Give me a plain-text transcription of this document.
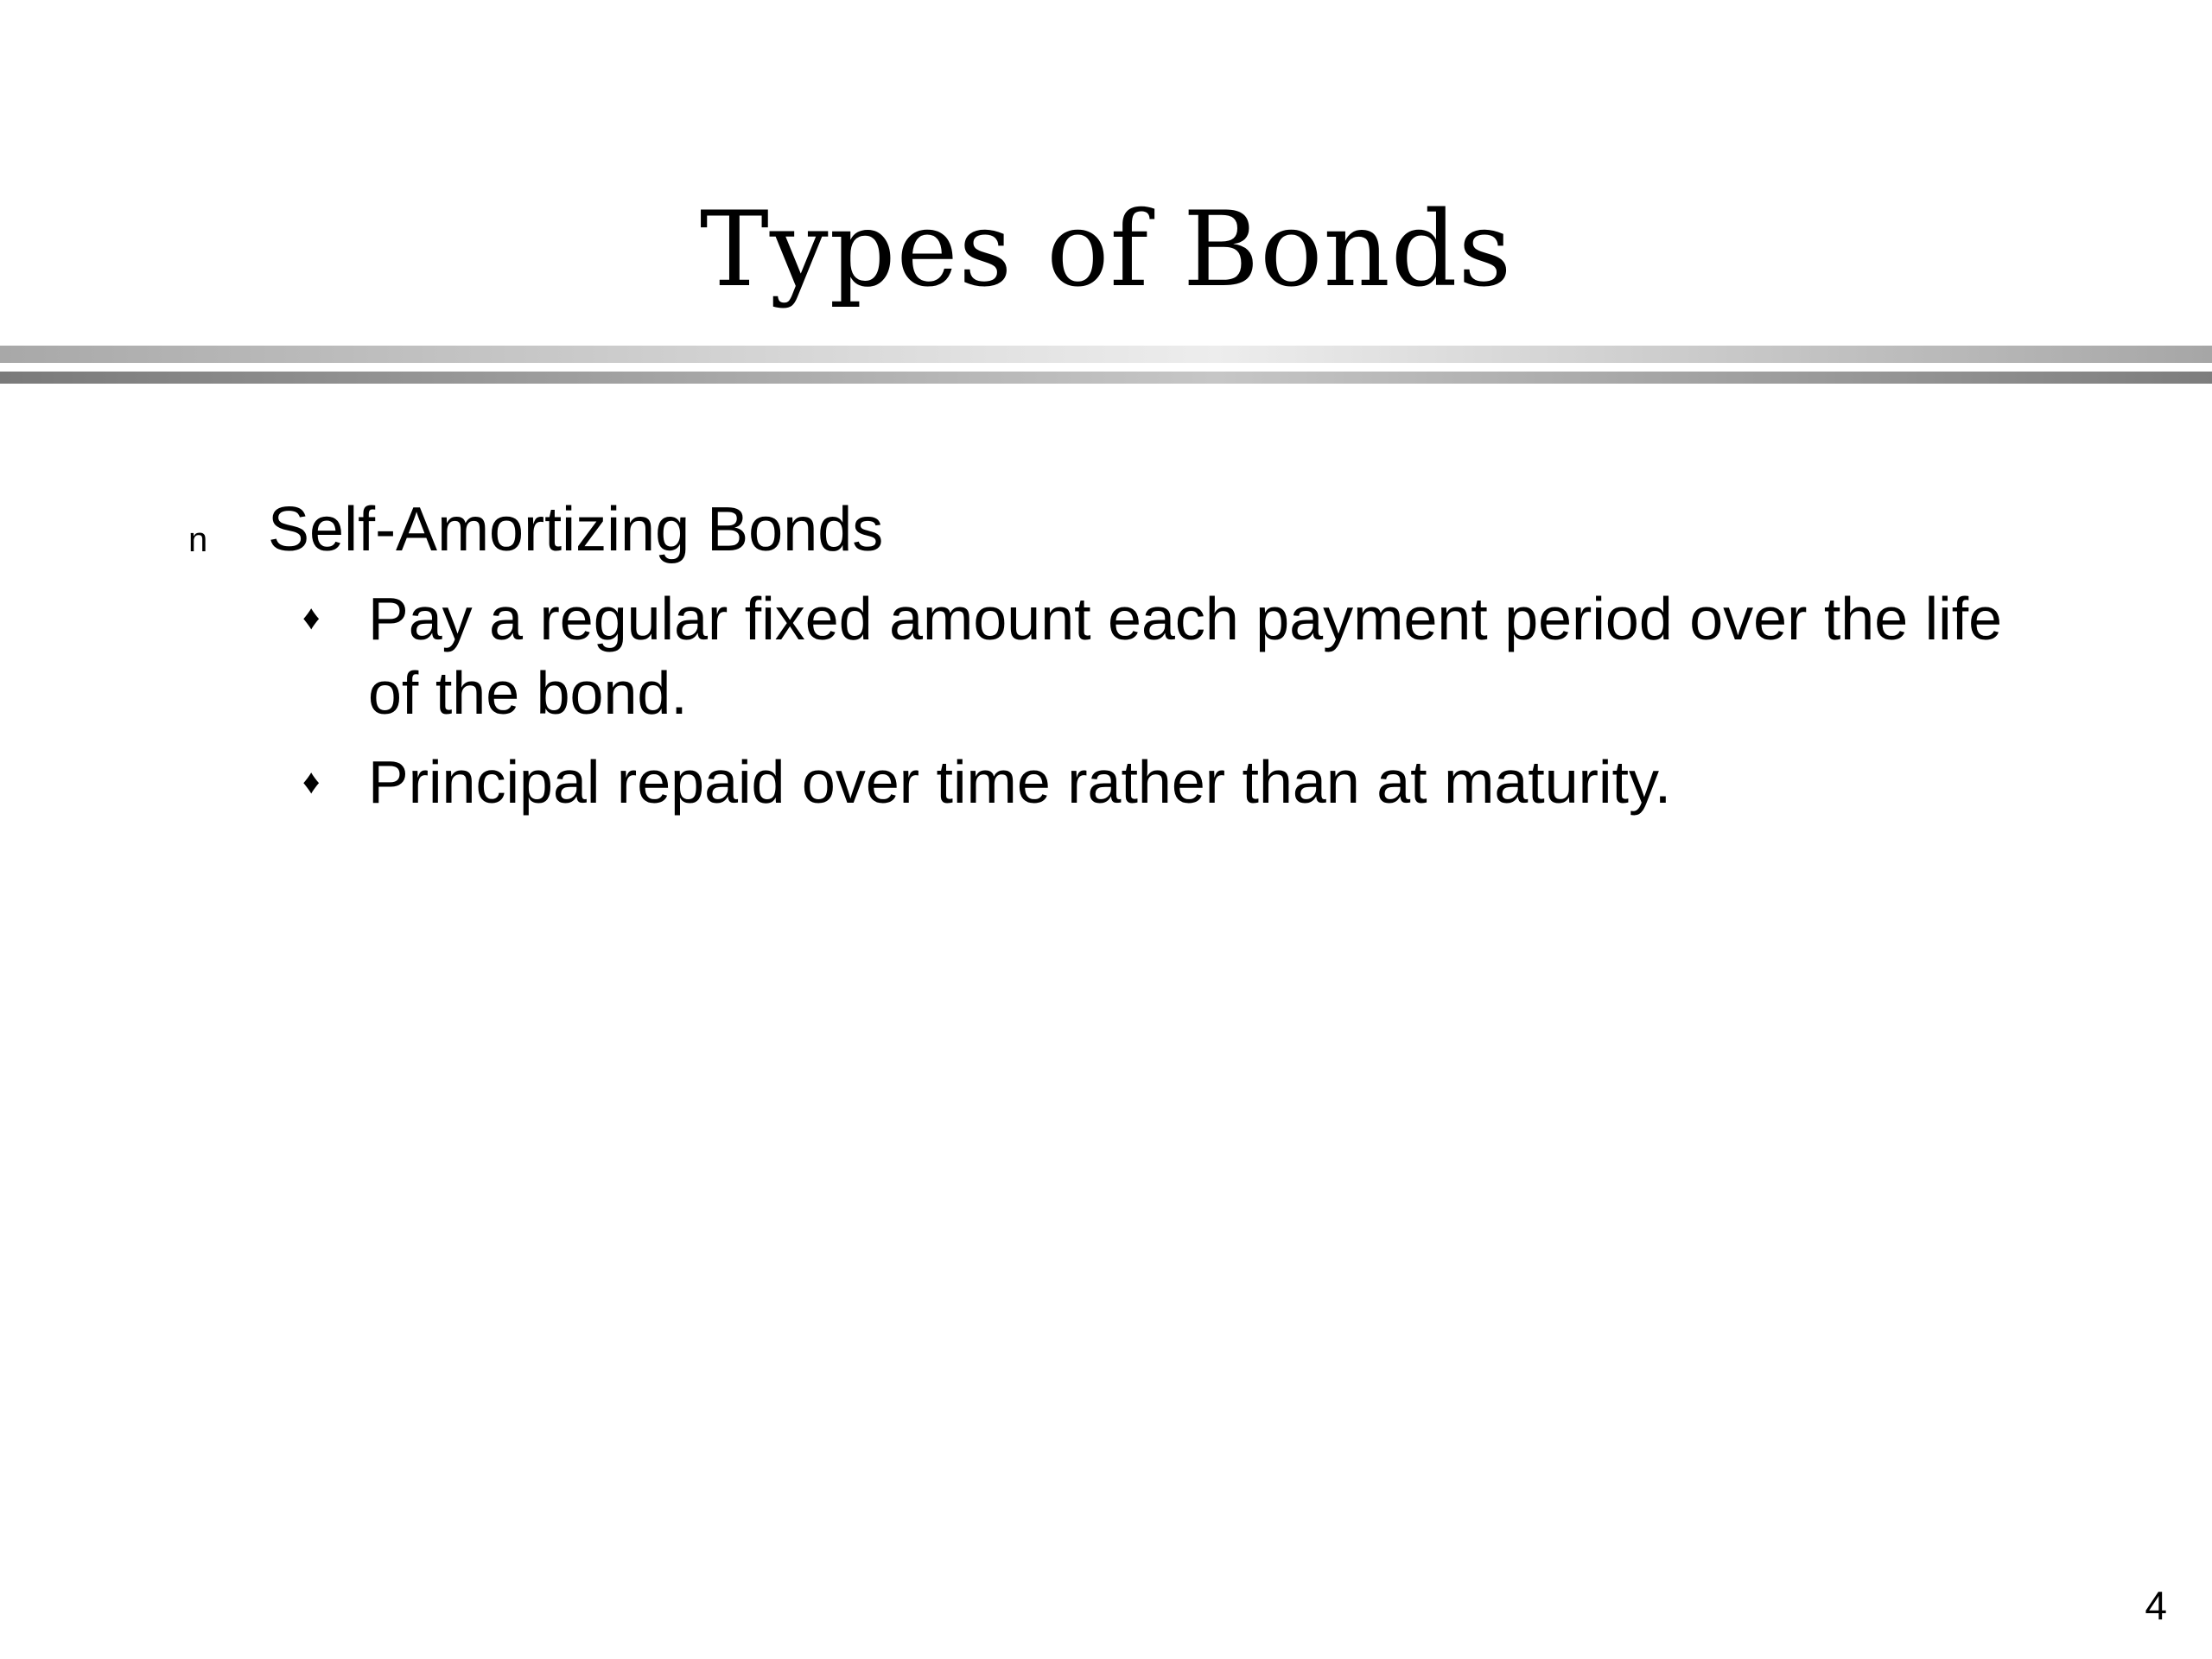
Types of Bonds
n Self-Amortizing Bonds
♦ Pay a regular fixed amount each payment period over the life of the bond.
♦ Principal repaid over time rather than at maturity.
4
